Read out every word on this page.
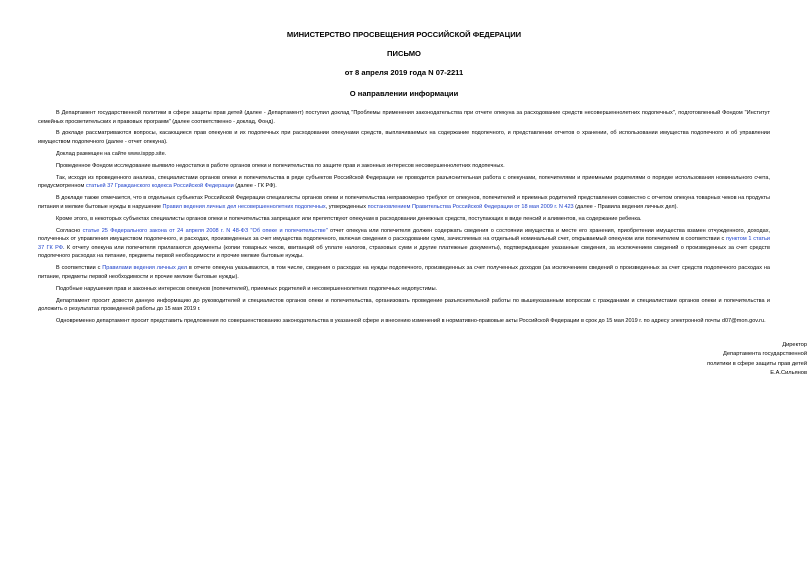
МИНИСТЕРСТВО ПРОСВЕЩЕНИЯ РОССИЙСКОЙ ФЕДЕРАЦИИ
ПИСЬМО
от 8 апреля 2019 года N 07-2211
О направлении информации

В Департамент государственной политики в сфере защиты прав детей (далее - Департамент) поступил доклад "Проблемы применения законодательства при отчете опекуна за расходование средств несовершеннолетних подопечных", подготовленный Фондом "Институт семейных просветительских и правовых программ" (далее соответственно - доклад, Фонд).

В докладе рассматриваются вопросы, касающиеся прав опекунов и их подопечных при расходовании опекунами средств, выплачиваемых на содержание подопечного, и представлении отчетов о хранении, об использовании имущества подопечного и об управлении имуществом подопечного (далее - отчет опекуна).

Доклад размещен на сайте www.isppp.site.

Проведенное Фондом исследование выявило недостатки в работе органов опеки и попечительства по защите прав и законных интересов несовершеннолетних подопечных.

Так, исходя из проведенного анализа, специалистами органов опеки и попечительства в ряде субъектов Российской Федерации не проводится разъяснительная работа с опекунами, попечителями и приемными родителями о порядке использования номинального счета, предусмотренном статьей 37 Гражданского кодекса Российской Федерации (далее - ГК РФ).

В докладе также отмечается, что в отдельных субъектах Российской Федерации специалисты органов опеки и попечительства неправомерно требуют от опекунов, попечителей и приемных родителей представления совместно с отчетом опекуна товарных чеков на продукты питания и мелкие бытовые нужды в нарушение Правил ведения личных дел несовершеннолетних подопечных, утвержденных постановлением Правительства Российской Федерации от 18 мая 2009 г. N 423 (далее - Правила ведения личных дел).

Кроме этого, в некоторых субъектах специалисты органов опеки и попечительства запрещают или препятствуют опекунам в расходовании денежных средств, поступающих в виде пенсий и алиментов, на содержание ребенка.

Согласно статье 25 Федерального закона от 24 апреля 2008 г. N 48-ФЗ "Об опеке и попечительстве" отчет опекуна или попечителя должен содержать сведения о состоянии имущества и месте его хранения, приобретении имущества взамен отчужденного, доходах, полученных от управления имуществом подопечного, и расходах, произведенных за счет имущества подопечного, включая сведения о расходовании сумм, зачисляемых на отдельный номинальный счет, открываемый опекуном или попечителем в соответствии с пунктом 1 статьи 37 ГК РФ. К отчету опекуна или попечителя прилагаются документы (копии товарных чеков, квитанций об уплате налогов, страховых сумм и другие платежные документы), подтверждающие указанные сведения, за исключением сведений о произведенных за счет средств подопечного расходах на питание, предметы первой необходимости и прочие мелкие бытовые нужды.

В соответствии с Правилами ведения личных дел в отчете опекуна указываются, в том числе, сведения о расходах на нужды подопечного, произведенных за счет полученных доходов (за исключением сведений о произведенных за счет средств подопечного расходах на питание, предметы первой необходимости и прочие мелкие бытовые нужды).

Подобные нарушения прав и законных интересов опекунов (попечителей), приемных родителей и несовершеннолетних подопечных недопустимы.

Департамент просит довести данную информацию до руководителей и специалистов органов опеки и попечительства, организовать проведение разъяснительной работы по вышеуказанным вопросам с гражданами и специалистами органов опеки и попечительства и доложить о результатах проведенной работы до 15 мая 2019 г.

Одновременно департамент просит представить предложения по совершенствованию законодательства в указанной сфере и внесению изменений в нормативно-правовые акты Российской Федерации в срок до 15 мая 2019 г. по адресу электронной почты d07@mon.gov.ru.

Директор
Департамента государственной
политики в сфере защиты прав детей
Е.А.Сильянов
